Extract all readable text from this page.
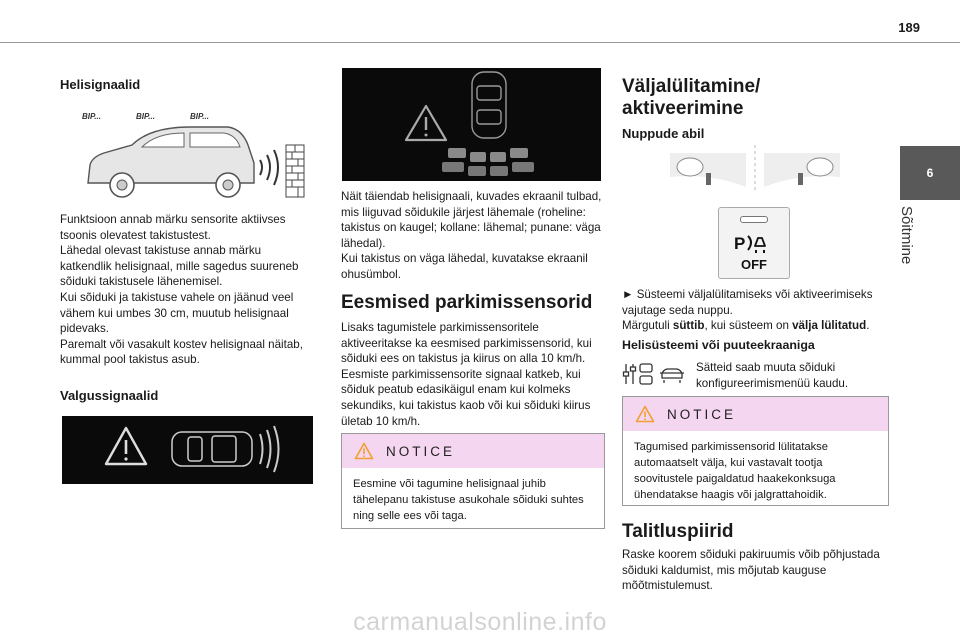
189
6
Sõitmine
Helisignaalid
BIP...	BIP...	BIP...

Funktsioon annab märku sensorite aktiivses tsoonis olevatest takistustest.

Lähedal olevast takistuse annab märku katkendlik helisignaal, mille sagedus suureneb sõiduki takistusele lähenemisel.

Kui sõiduki ja takistuse vahele on jäänud veel vähem kui umbes 30 cm, muutub helisignaal pidevaks.

Paremalt või vasakult kostev helisignaal näitab, kummal pool takistus asub.

Valgussignaalid

Näit täiendab helisignaali, kuvades ekraanil tulbad, mis liiguvad sõidukile järjest lähemale (roheline: takistus on kaugel; kollane: lähemal; punane: väga lähedal).

Kui takistus on väga lähedal, kuvatakse ekraanil ohusümbol.

Eesmised parkimissensorid

Lisaks tagumistele parkimissensoritele aktiveeritakse ka eesmised parkimissensorid, kui sõiduki ees on takistus ja kiirus on alla 10 km/h. Eesmiste parkimissensorite signaal katkeb, kui sõiduk peatub edasikäigul enam kui kolmeks sekundiks, kui takistus kaob või kui sõiduki kiirus ületab 10 km/h.

NOTICE
Eesmine või tagumine helisignaal juhib tähelepanu takistuse asukohale sõiduki suhtes ning selle ees või taga.
Väljalülitamine/ aktiveerimine
Nuppude abil
P
OFF

► Süsteemi väljalülitamiseks või aktiveerimiseks vajutage seda nuppu.

Märgutuli süttib, kui süsteem on välja lülitatud.

Helisüsteemi või puuteekraaniga
Sätteid saab muuta sõiduki konfigureerimismenüü kaudu.
NOTICE
Tagumised parkimissensorid lülitatakse automaatselt välja, kui vastavalt tootja soovitustele paigaldatud haakekonksuga ühendatakse haagis või jalgrattahoidik.
Talitluspiirid
Raske koorem sõiduki pakiruumis võib põhjustada sõiduki kaldumist, mis mõjutab kauguse mõõtmistulemust.
carmanualsonline.info
